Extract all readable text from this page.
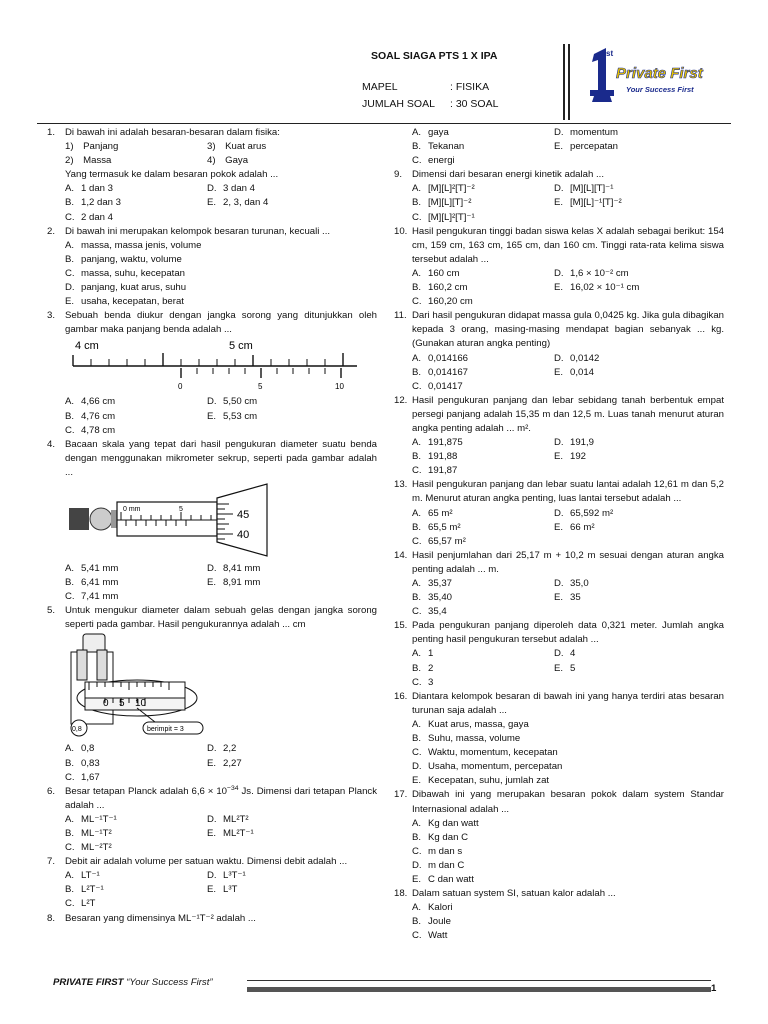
SOAL SIAGA PTS 1 X IPA
MAPEL	: FISIKA
JUMLAH SOAL : 30 SOAL
st
Private First
Your Success First
1. Di bawah ini adalah besaran-besaran dalam fisika:
1) Panjang	3) Kuat arus
2) Massa	4) Gaya
Yang termasuk ke dalam besaran pokok adalah ...
A. 1 dan 3	D. 3 dan 4
B. 1,2 dan 3	E. 2, 3, dan 4
C. 2 dan 4
2. Di bawah ini merupakan kelompok besaran turunan, kecuali ...
A. massa, massa jenis, volume
B. panjang, waktu, volume
C. massa, suhu, kecepatan
D. panjang, kuat arus, suhu
E. usaha, kecepatan, berat
3. Sebuah benda diukur dengan jangka sorong yang ditunjukkan oleh gambar maka panjang benda adalah ...
4 cm	5 cm
0	5	10
A. 4,66 cm	D. 5,50 cm
B. 4,76 cm	E. 5,53 cm
C. 4,78 cm
4. Bacaan skala yang tepat dari hasil pengukuran diameter suatu benda dengan menggunakan mikrometer sekrup, seperti pada gambar adalah ...
0 mm	5	45
40
A. 5,41 mm	D. 8,41 mm
B. 6,41 mm	E. 8,91 mm
C. 7,41 mm
5. Untuk mengukur diameter dalam sebuah gelas dengan jangka sorong seperti pada gambar. Hasil pengukurannya adalah ... cm
0 5 10
0,8	berimpit = 3
A. 0,8	D. 2,2
B. 0,83	E. 2,27
C. 1,67
6. Besar tetapan Planck adalah $6,6 \times 10^{-34}$ Js. Dimensi dari tetapan Planck adalah ...
A. ML⁻¹T⁻¹	D. ML²T²
B. ML⁻¹T²	E. ML²T⁻¹
C. ML⁻²T²
7. Debit air adalah volume per satuan waktu. Dimensi debit adalah ...
A. LT⁻¹	D. L³T⁻¹
B. L²T⁻¹	E. L³T
C. L²T
8. Besaran yang dimensinya ML⁻¹T⁻² adalah ...
A. gaya	D. momentum
B. Tekanan	E. percepatan
C. energi
9. Dimensi dari besaran energi kinetik adalah ...
A. [M][L]²[T]⁻²	D. [M][L][T]⁻¹
B. [M][L][T]⁻²	E. [M][L]⁻¹[T]⁻²
C. [M][L]²[T]⁻¹
10. Hasil pengukuran tinggi badan siswa kelas X adalah sebagai berikut: 154 cm, 159 cm, 163 cm, 165 cm, dan 160 cm. Tinggi rata-rata kelima siswa tersebut adalah ...
A. 160 cm	D. 1,6 × 10⁻² cm
B. 160,2 cm	E. 16,02 × 10⁻¹ cm
C. 160,20 cm
11. Dari hasil pengukuran didapat massa gula 0,0425 kg. Jika gula dibagikan kepada 3 orang, masing-masing mendapat bagian sebanyak ... kg. (Gunakan aturan angka penting)
A. 0,014166	D. 0,0142
B. 0,014167	E. 0,014
C. 0,01417
12. Hasil pengukuran panjang dan lebar sebidang tanah berbentuk empat persegi panjang adalah 15,35 m dan 12,5 m. Luas tanah menurut aturan angka penting adalah ... m².
A. 191,875	D. 191,9
B. 191,88	E. 192
C. 191,87
13. Hasil pengukuran panjang dan lebar suatu lantai adalah 12,61 m dan 5,2 m. Menurut aturan angka penting, luas lantai tersebut adalah ...
A. 65 m²	D. 65,592 m²
B. 65,5 m²	E. 66 m²
C. 65,57 m²
14. Hasil penjumlahan dari 25,17 m + 10,2 m sesuai dengan aturan angka penting adalah ... m.
A. 35,37	D. 35,0
B. 35,40	E. 35
C. 35,4
15. Pada pengukuran panjang diperoleh data 0,321 meter. Jumlah angka penting hasil pengukuran tersebut adalah ...
A. 1	D. 4
B. 2	E. 5
C. 3
16. Diantara kelompok besaran di bawah ini yang hanya terdiri atas besaran turunan saja adalah ...
A. Kuat arus, massa, gaya
B. Suhu, massa, volume
C. Waktu, momentum, kecepatan
D. Usaha, momentum, percepatan
E. Kecepatan, suhu, jumlah zat
17. Dibawah ini yang merupakan besaran pokok dalam system Standar Internasional adalah ...
A. Kg dan watt
B. Kg dan C
C. m dan s
D. m dan C
E. C dan watt
18. Dalam satuan system SI, satuan kalor adalah ...
A. Kalori
B. Joule
C. Watt
PRIVATE FIRST “Your Success First”
1
